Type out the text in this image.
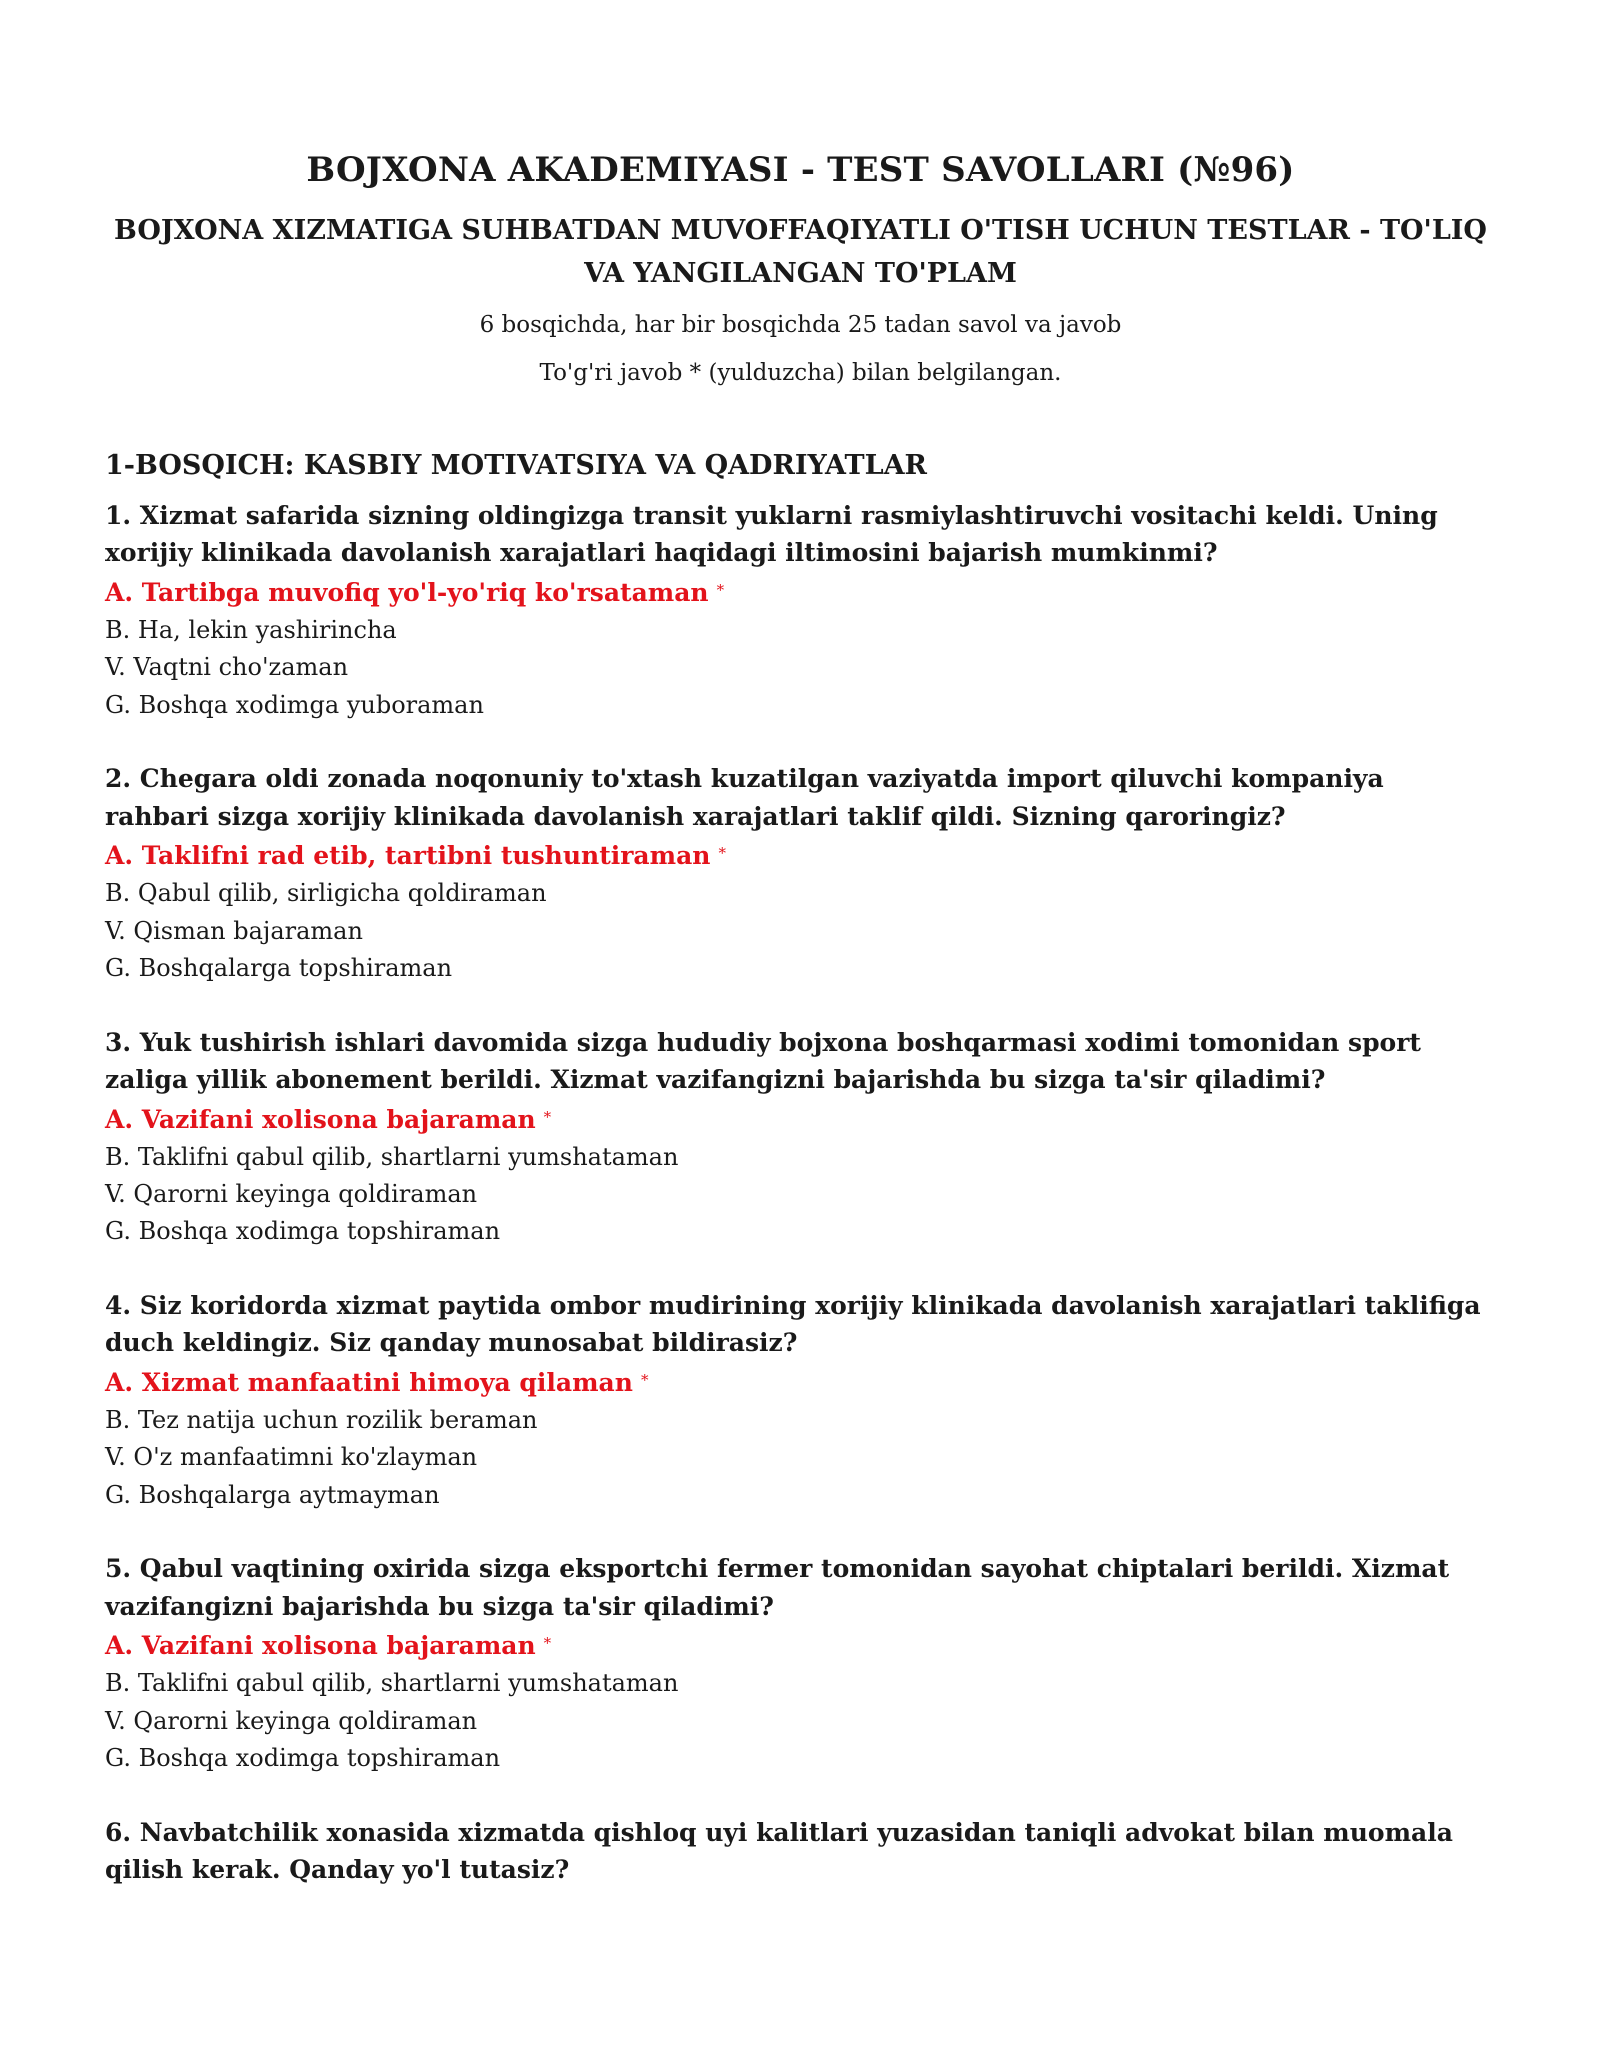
BOJXONA AKADEMIYASI - TEST SAVOLLARI (№96)
BOJXONA XIZMATIGA SUHBATDAN MUVOFFAQIYATLI O'TISH UCHUN TESTLAR - TO'LIQ VA YANGILANGAN TO'PLAM

6 bosqichda, har bir bosqichda 25 tadan savol va javob

To'g'ri javob * (yulduzcha) bilan belgilangan.

1-BOSQICH: KASBIY MOTIVATSIYA VA QADRIYATLAR

1. Xizmat safarida sizning oldingizga transit yuklarni rasmiylashtiruvchi vositachi keldi. Uning xorijiy klinikada davolanish xarajatlari haqidagi iltimosini bajarish mumkinmi?

A. Tartibga muvofiq yo'l-yo'riq ko'rsataman *

B. Ha, lekin yashirincha

V. Vaqtni cho'zaman

G. Boshqa xodimga yuboraman

2. Chegara oldi zonada noqonuniy to'xtash kuzatilgan vaziyatda import qiluvchi kompaniya rahbari sizga xorijiy klinikada davolanish xarajatlari taklif qildi. Sizning qaroringiz?

A. Taklifni rad etib, tartibni tushuntiraman *

B. Qabul qilib, sirligicha qoldiraman

V. Qisman bajaraman

G. Boshqalarga topshiraman

3. Yuk tushirish ishlari davomida sizga hududiy bojxona boshqarmasi xodimi tomonidan sport zaliga yillik abonement berildi. Xizmat vazifangizni bajarishda bu sizga ta'sir qiladimi?

A. Vazifani xolisona bajaraman *

B. Taklifni qabul qilib, shartlarni yumshataman

V. Qarorni keyinga qoldiraman

G. Boshqa xodimga topshiraman

4. Siz koridorda xizmat paytida ombor mudirining xorijiy klinikada davolanish xarajatlari taklifiga duch keldingiz. Siz qanday munosabat bildirasiz?

A. Xizmat manfaatini himoya qilaman *

B. Tez natija uchun rozilik beraman

V. O'z manfaatimni ko'zlayman

G. Boshqalarga aytmayman

5. Qabul vaqtining oxirida sizga eksportchi fermer tomonidan sayohat chiptalari berildi. Xizmat vazifangizni bajarishda bu sizga ta'sir qiladimi?

A. Vazifani xolisona bajaraman *

B. Taklifni qabul qilib, shartlarni yumshataman

V. Qarorni keyinga qoldiraman

G. Boshqa xodimga topshiraman

6. Navbatchilik xonasida xizmatda qishloq uyi kalitlari yuzasidan taniqli advokat bilan muomala qilish kerak. Qanday yo'l tutasiz?
